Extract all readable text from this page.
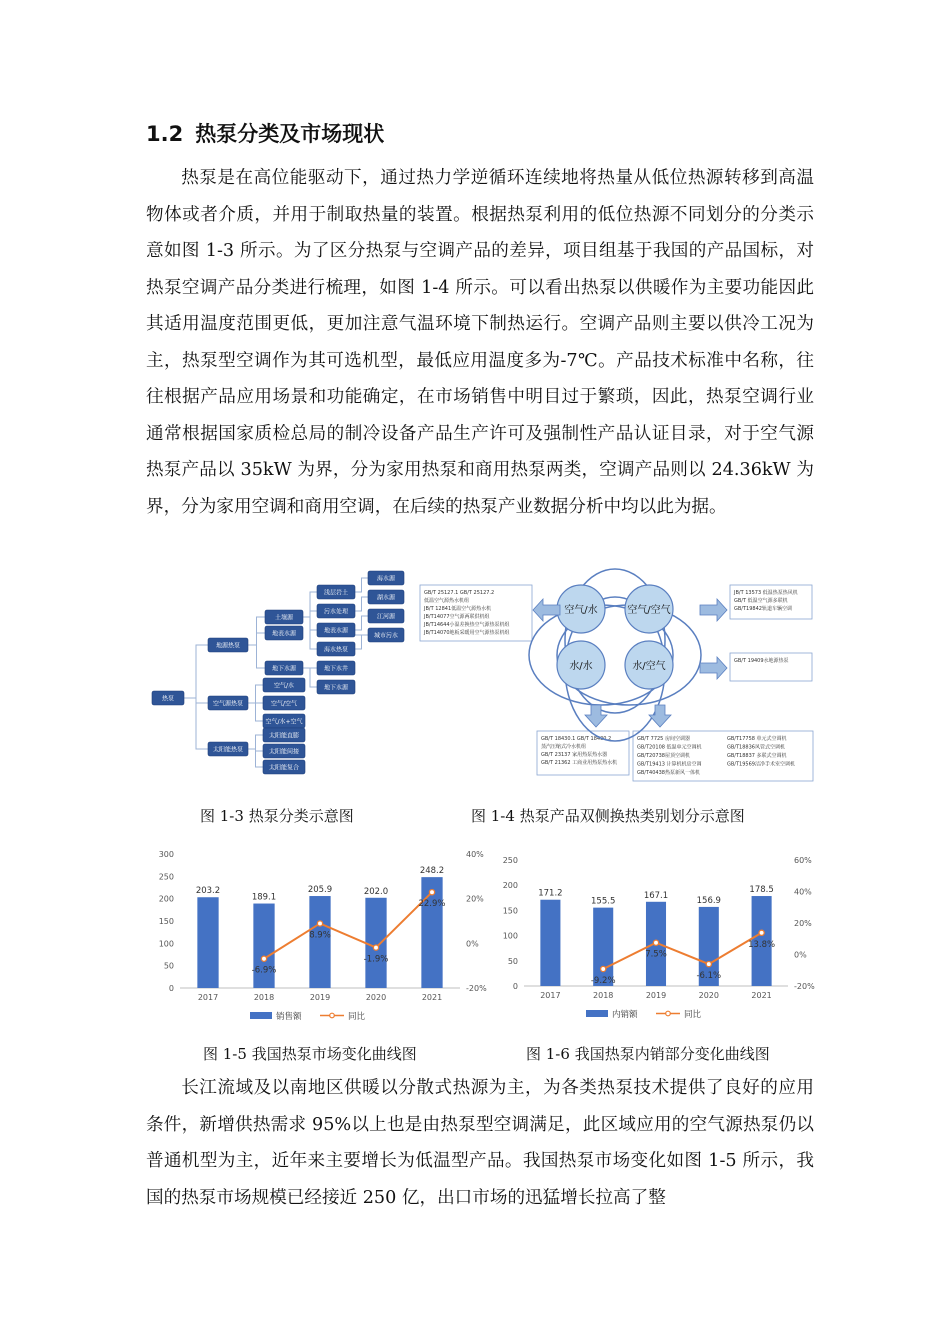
1.2 热泵分类及市场现状

热泵是在高位能驱动下，通过热力学逆循环连续地将热量从低位热源转移到高温物体或者介质，并用于制取热量的装置。根据热泵利用的低位热源不同划分的分类示意如图 1-3 所示。为了区分热泵与空调产品的差异，项目组基于我国的产品国标，对热泵空调产品分类进行梳理，如图 1-4 所示。可以看出热泵以供暖作为主要功能因此其适用温度范围更低，更加注意气温环境下制热运行。空调产品则主要以供冷工况为主，热泵型空调作为其可选机型，最低应用温度多为-7℃。产品技术标准中名称，往往根据产品应用场景和功能确定，在市场销售中明目过于繁琐，因此，热泵空调行业通常根据国家质检总局的制冷设备产品生产许可及强制性产品认证目录，对于空气源热泵产品以 35kW 为界，分为家用热泵和商用热泵两类，空调产品则以 24.36kW 为界，分为家用空调和商用空调，在后续的热泵产业数据分析中均以此为据。

热泵
地源热泵
空气源热泵
太阳能热泵
土壤源
地表水源
地下水源
浅层岩土
污水处理
地表水源
海水热泵
海水源
湖水源
江河源
城市污水
地下水井
地下水源
空气/水
空气/空气
空气/水+空气
太阳能直膨
太阳能间接
太阳能复合
GB/T 25127.1 GB/T 25127.2
低温空气源热水机组
JB/T 12841低温空气源热水机
JB/T14077空气源两联供机组
JB/T14644小温差换热空气源热泵机组
JB/T14070地板采暖用空气源热泵机组
JB/T 13573 低温热泵热风机
GB/T 低温空气源多联机
GB/T19842轨道车辆空调
GB/T 19409水地源热泵
GB/T 18430.1 GB/T 18430.2
蒸汽压缩式冷水机组
GB/T 23137 家用热泵热水器
GB/T 21362 工商业用热泵热水机
GB/T 7725 房间空调器
GB/T20108 低温单元空调机
GB/T20738屋顶空调机
GB/T19413 计算机机房空调
GB/T40438热泵新风一体机
GB/T17758 单元式空调机
GB/T18836风管式空调机
GB/T18837 多联式空调机
GB/T19569洁净手术室空调机
空气/水	空气/空气
水/水	水/空气
图 1-3 热泵分类示意图	图 1-4 热泵产品双侧换热类别划分示意图
0
50
100
150
200
250
300
-20%
0%
20%
40%
203.2
2017
189.1
2018
205.9
2019
202.0
2020
248.2
2021
-6.9%
8.9%
-1.9%
22.9%
销售额	同比
0
50
100
150
200
250
-20%
0%
20%
40%
60%
171.2
2017
155.5
2018
167.1
2019
156.9
2020
178.5
2021
-9.2%
7.5%
-6.1%
13.8%
内销额	同比
图 1-5 我国热泵市场变化曲线图	图 1-6 我国热泵内销部分变化曲线图

长江流域及以南地区供暖以分散式热源为主，为各类热泵技术提供了良好的应用条件，新增供热需求 95%以上也是由热泵型空调满足，此区域应用的空气源热泵仍以普通机型为主，近年来主要增长为低温型产品。我国热泵市场变化如图 1-5 所示，我国的热泵市场规模已经接近 250 亿，出口市场的迅猛增长拉高了整
